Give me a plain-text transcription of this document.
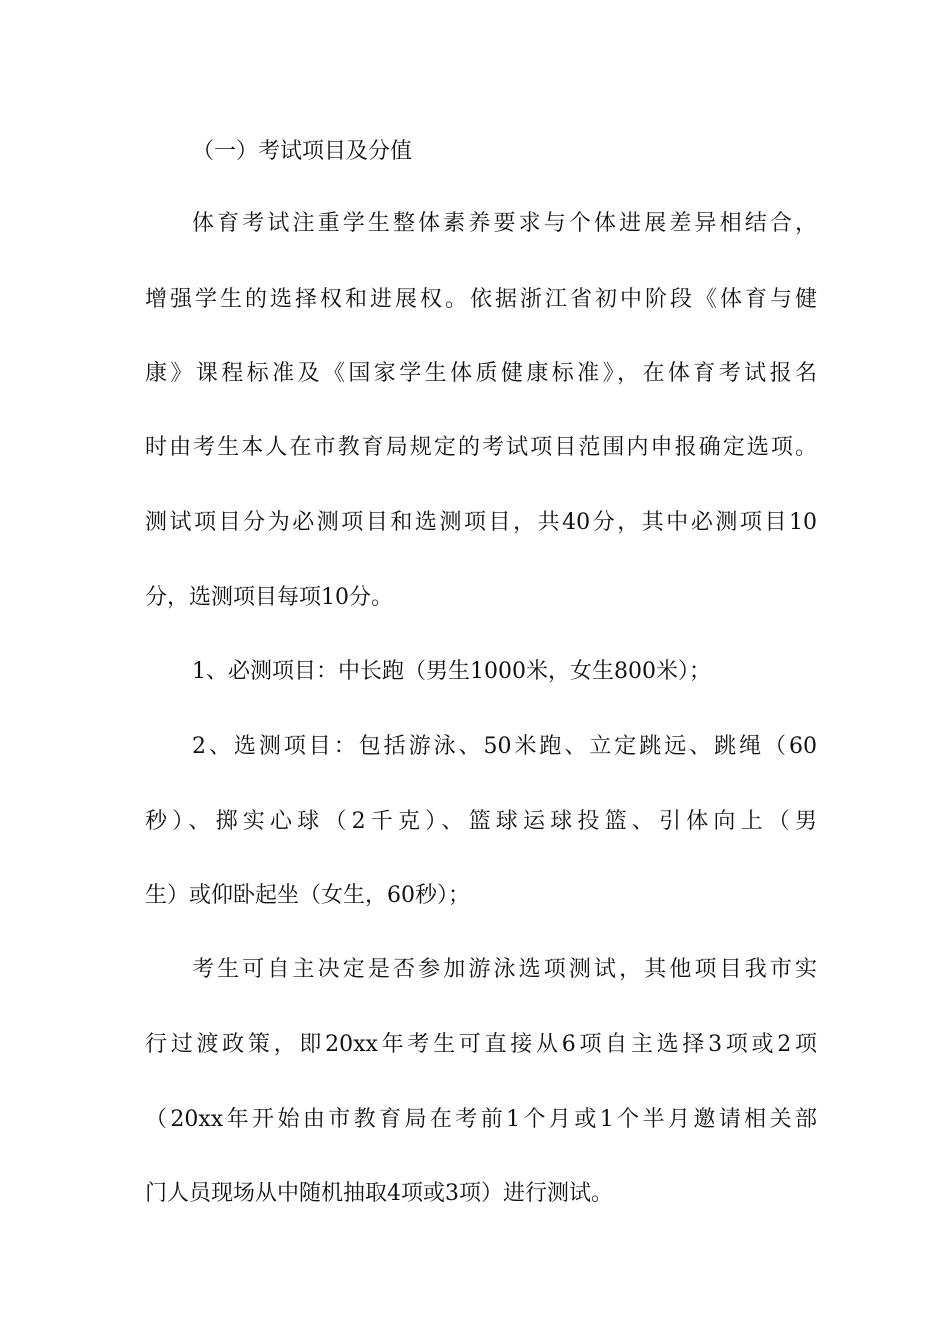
（一）考试项目及分值
体育考试注重学生整体素养要求与个体进展差异相结合，
增强学生的选择权和进展权。依据浙江省初中阶段《体育与健
康》课程标准及《国家学生体质健康标准》，在体育考试报名
时由考生本人在市教育局规定的考试项目范围内申报确定选项。
测试项目分为必测项目和选测项目，共40分，其中必测项目10
分，选测项目每项10分。
1、必测项目：中长跑（男生1000米，女生800米）；
2、选测项目：包括游泳、50米跑、立定跳远、跳绳（60
秒）、掷实心球（2千克）、篮球运球投篮、引体向上（男
生）或仰卧起坐（女生，60秒）；
考生可自主决定是否参加游泳选项测试，其他项目我市实
行过渡政策，即20xx年考生可直接从6项自主选择3项或2项
（20xx年开始由市教育局在考前1个月或1个半月邀请相关部
门人员现场从中随机抽取4项或3项）进行测试。
